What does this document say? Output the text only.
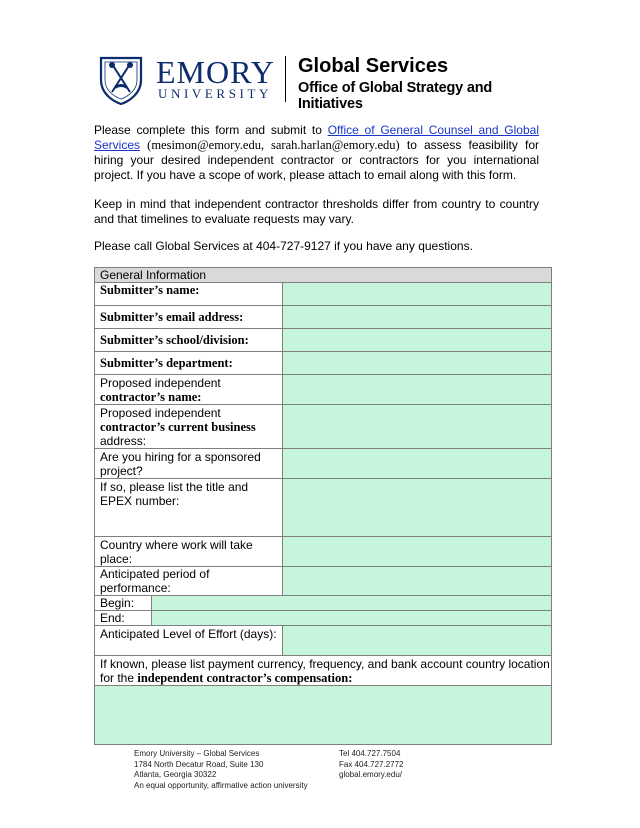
EMORY
UNIVERSITY
Global Services
Office of Global Strategy and Initiatives
Please complete this form and submit to Office of General Counsel and Global Services (mesimon@emory.edu, sarah.harlan@emory.edu) to assess feasibility for hiring your desired independent contractor or contractors for you international project. If you have a scope of work, please attach to email along with this form.
Keep in mind that independent contractor thresholds differ from country to country and that timelines to evaluate requests may vary.
Please call Global Services at 404-727-9127 if you have any questions.
General Information		
Submitter’s name:		
Submitter’s email address:		
Submitter’s school/division:		
Submitter’s department:		
Proposed independent
contractor’s name:		
Proposed independent
contractor’s current business
address:		
Are you hiring for a sponsored project?		
If so, please list the title and EPEX number:		
Country where work will take place:		
Anticipated period of performance:		
Begin:		
End:		
Anticipated Level of Effort (days):		
If known, please list payment currency, frequency, and bank account country location for the independent contractor’s compensation:		

Emory University – Global Services
1784 North Decatur Road, Suite 130
Atlanta, Georgia 30322
An equal opportunity, affirmative action university
Tel 404.727.7504
Fax 404.727.2772
global.emory.edu/
